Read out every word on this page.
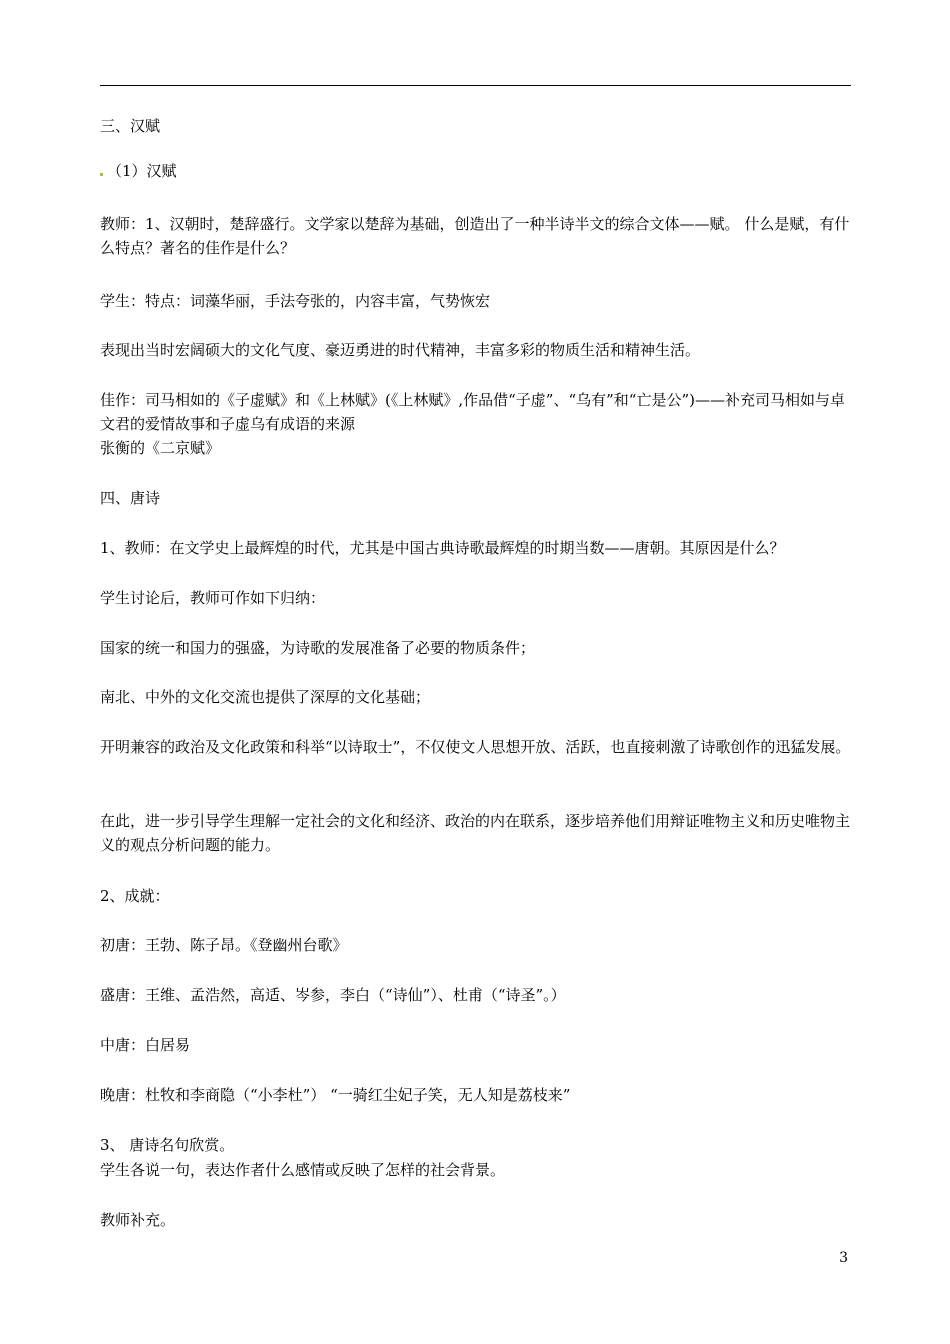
三、汉赋

（1）汉赋

教师：1、汉朝时，楚辞盛行。文学家以楚辞为基础，创造出了一种半诗半文的综合文体——赋。 什么是赋，有什么特点？著名的佳作是什么？

学生：特点：词藻华丽，手法夸张的，内容丰富，气势恢宏

表现出当时宏阔硕大的文化气度、豪迈勇进的时代精神，丰富多彩的物质生活和精神生活。

佳作：司马相如的《子虚赋》和《上林赋》(《上林赋》,作品借“子虚”、“乌有”和“亡是公”)——补充司马相如与卓文君的爱情故事和子虚乌有成语的来源

张衡的《二京赋》

四、唐诗

1、教师：在文学史上最辉煌的时代，尤其是中国古典诗歌最辉煌的时期当数——唐朝。其原因是什么？

学生讨论后，教师可作如下归纳：

国家的统一和国力的强盛，为诗歌的发展准备了必要的物质条件；

南北、中外的文化交流也提供了深厚的文化基础；

开明兼容的政治及文化政策和科举“以诗取士”，不仅使文人思想开放、活跃，也直接刺激了诗歌创作的迅猛发展。

在此，进一步引导学生理解一定社会的文化和经济、政治的内在联系，逐步培养他们用辩证唯物主义和历史唯物主义的观点分析问题的能力。

2、成就：

初唐：王勃、陈子昂。《登幽州台歌》

盛唐：王维、孟浩然，高适、岑参，李白（“诗仙”）、杜甫（“诗圣”。）

中唐：白居易

晚唐：杜牧和李商隐（“小李杜”） “一骑红尘妃子笑，无人知是荔枝来”

3、 唐诗名句欣赏。

学生各说一句，表达作者什么感情或反映了怎样的社会背景。

教师补充。

3
